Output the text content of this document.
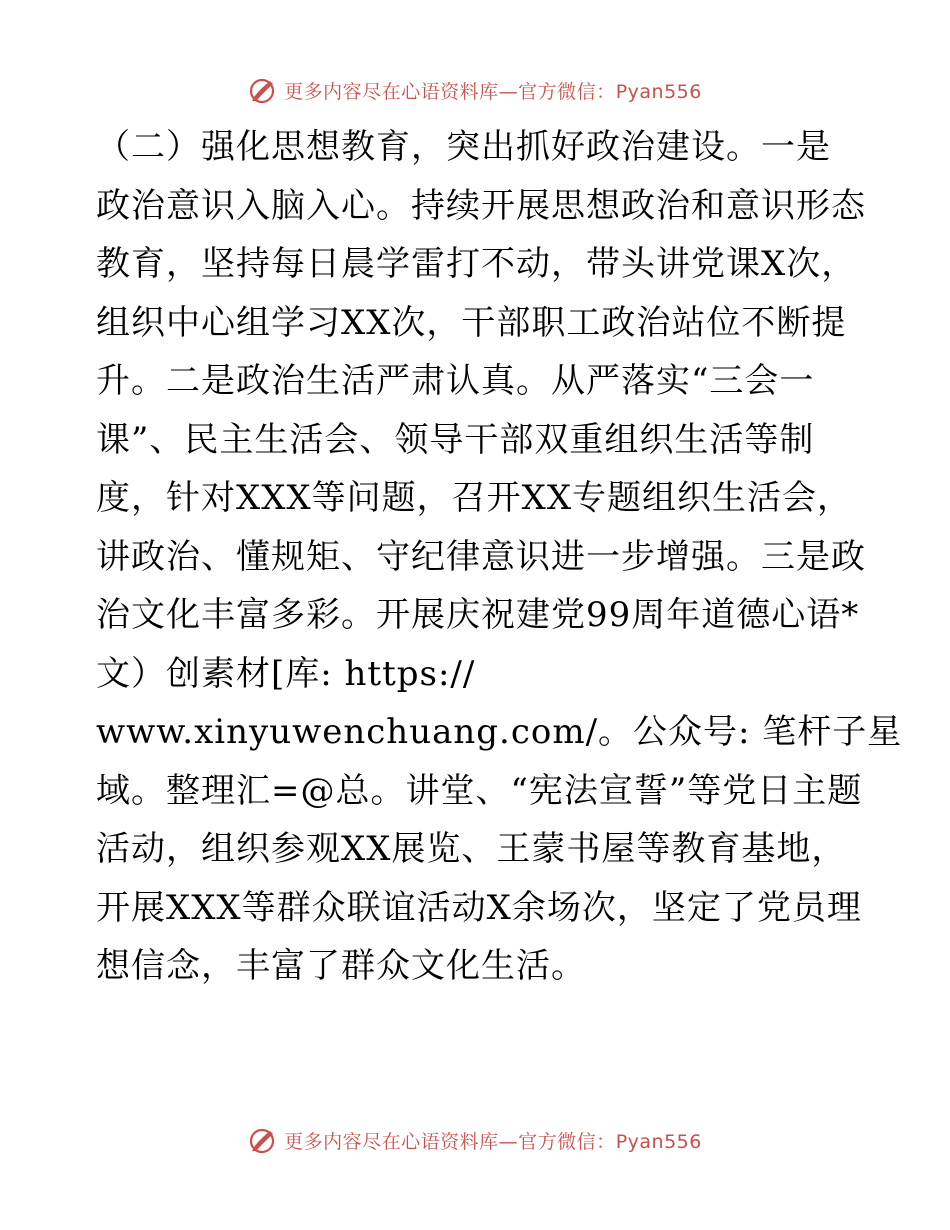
更多内容尽在心语资料库—官方微信：Pyan556
（二）强化思想教育，突出抓好政治建设。一是
政治意识入脑入心。持续开展思想政治和意识形态
教育，坚持每日晨学雷打不动，带头讲党课X次，
组织中心组学习XX次，干部职工政治站位不断提
升。二是政治生活严肃认真。从严落实“三会一
课”、民主生活会、领导干部双重组织生活等制
度，针对XXX等问题，召开XX专题组织生活会，
讲政治、懂规矩、守纪律意识进一步增强。三是政
治文化丰富多彩。开展庆祝建党99周年道德心语*
文）创素材[库: https://
www.xinyuwenchuang.com/。公众号: 笔杆子星
域。整理汇=@总。讲堂、“宪法宣誓”等党日主题
活动，组织参观XX展览、王蒙书屋等教育基地，
开展XXX等群众联谊活动X余场次，坚定了党员理
想信念，丰富了群众文化生活。
更多内容尽在心语资料库—官方微信：Pyan556
